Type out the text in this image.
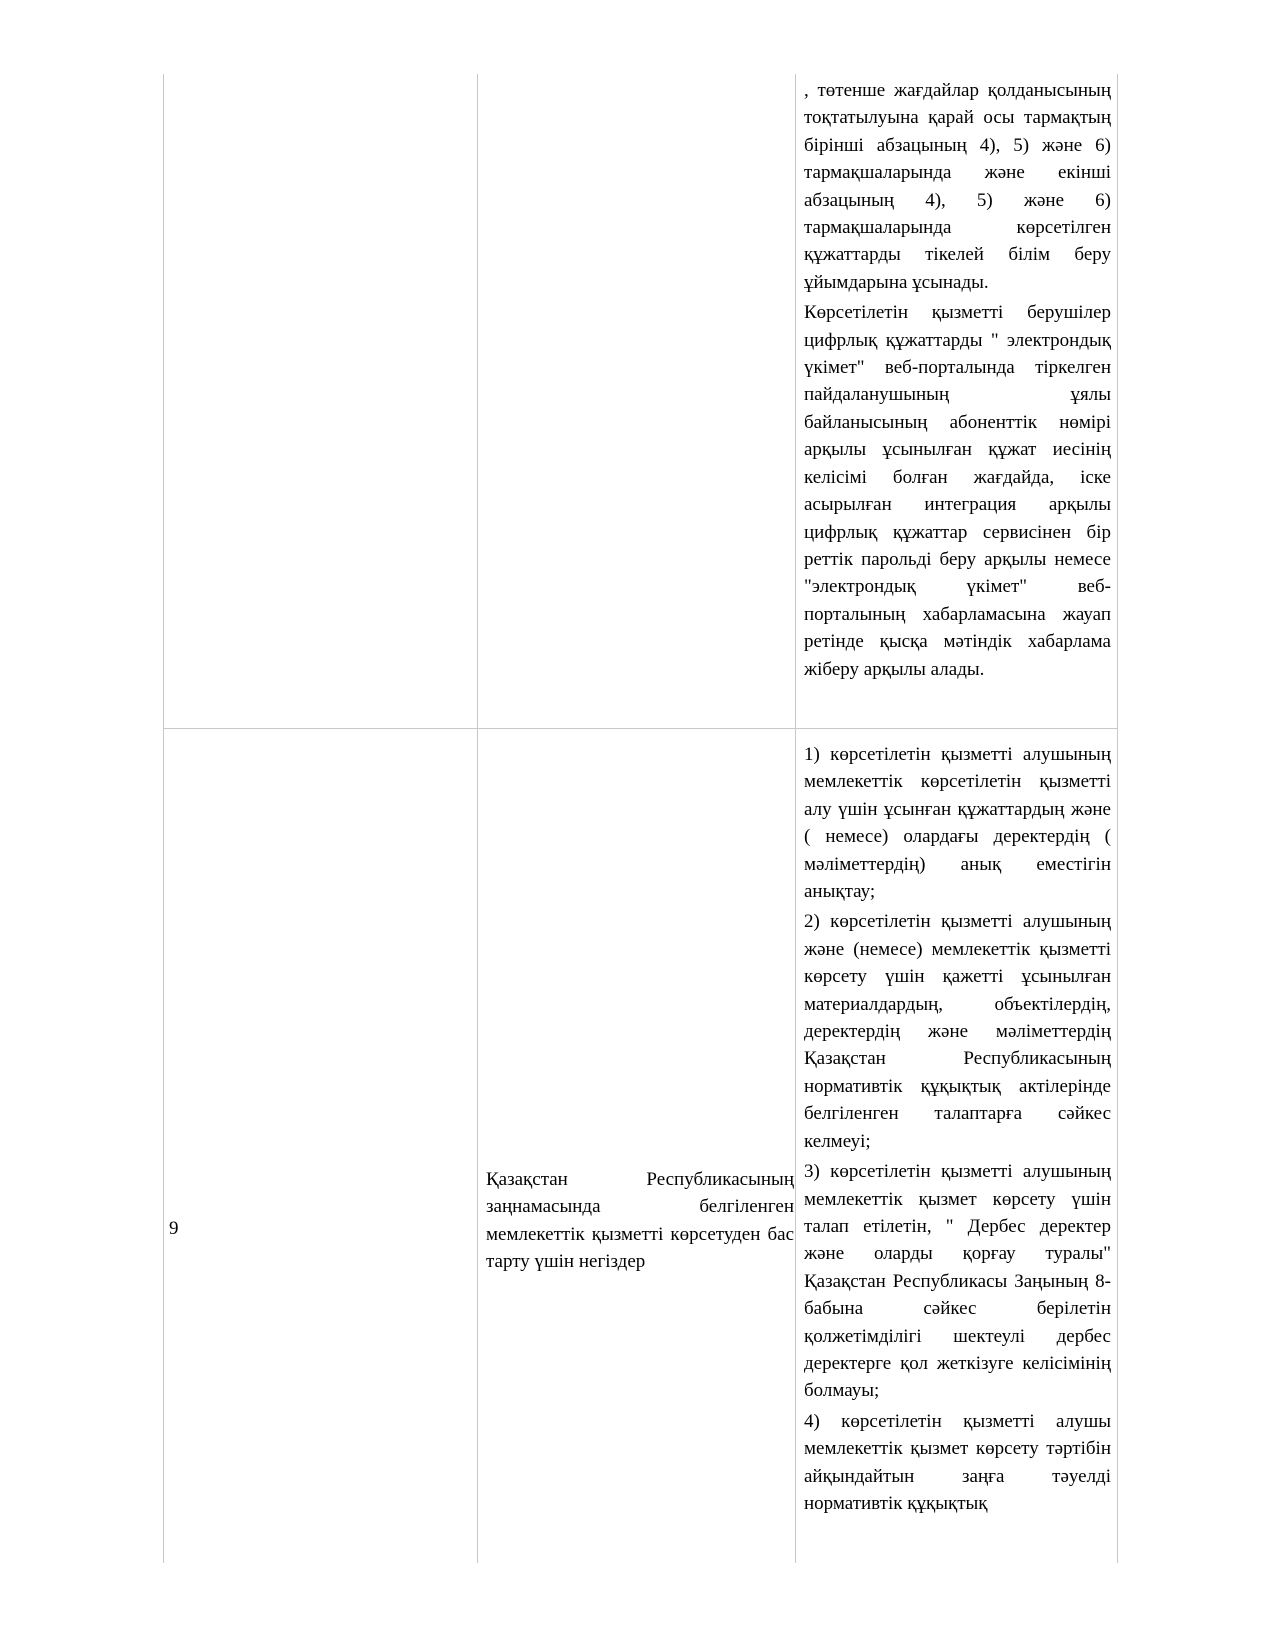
, төтенше жағдайлар қолданысының тоқтатылуына қарай осы тармақтың бірінші абзацының 4), 5) және 6) тармақшаларында және екінші абзацының 4), 5) және 6) тармақшаларында көрсетілген құжаттарды тікелей білім беру ұйымдарына ұсынады.

Көрсетілетін қызметті берушілер цифрлық құжаттарды " электрондық үкімет" веб-порталында тіркелген пайдаланушының ұялы байланысының абоненттік нөмірі арқылы ұсынылған құжат иесінің келісімі болған жағдайда, іске асырылған интеграция арқылы цифрлық құжаттар сервисінен бір реттік парольді беру арқылы немесе "электрондық үкімет" веб-порталының хабарламасына жауап ретінде қысқа мәтіндік хабарлама жіберу арқылы алады.

9
Қазақстан Республикасының заңнамасында белгіленген мемлекеттік қызметті көрсетуден бас тарту үшін негіздер

1) көрсетілетін қызметті алушының мемлекеттік көрсетілетін қызметті алу үшін ұсынған құжаттардың және ( немесе) олардағы деректердің ( мәліметтердің) анық еместігін анықтау;

2) көрсетілетін қызметті алушының және (немесе) мемлекеттік қызметті көрсету үшін қажетті ұсынылған материалдардың, объектілердің, деректердің және мәліметтердің Қазақстан Республикасының нормативтік құқықтық актілерінде белгіленген талаптарға сәйкес келмеуі;

3) көрсетілетін қызметті алушының мемлекеттік қызмет көрсету үшін талап етілетін, " Дербес деректер және оларды қорғау туралы" Қазақстан Республикасы Заңының 8-бабына сәйкес берілетін қолжетімділігі шектеулі дербес деректерге қол жеткізуге келісімінің болмауы;

4) көрсетілетін қызметті алушы мемлекеттік қызмет көрсету тәртібін айқындайтын заңға тәуелді нормативтік құқықтық
